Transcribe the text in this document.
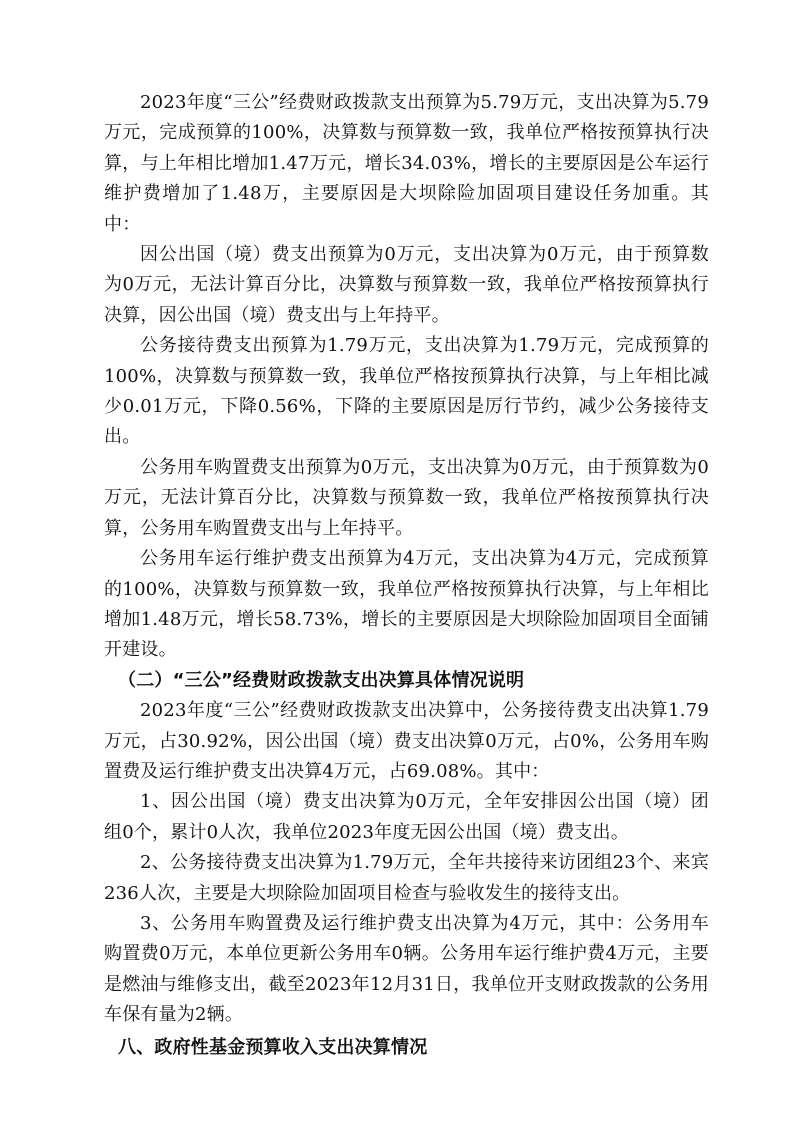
2023年度“三公”经费财政拨款支出预算为5.79万元，支出决算为5.79万元，完成预算的100%，决算数与预算数一致，我单位严格按预算执行决算，与上年相比增加1.47万元，增长34.03%，增长的主要原因是公车运行维护费增加了1.48万，主要原因是大坝除险加固项目建设任务加重。其中：

因公出国（境）费支出预算为0万元，支出决算为0万元，由于预算数为0万元，无法计算百分比，决算数与预算数一致，我单位严格按预算执行决算，因公出国（境）费支出与上年持平。

公务接待费支出预算为1.79万元，支出决算为1.79万元，完成预算的100%，决算数与预算数一致，我单位严格按预算执行决算，与上年相比减少0.01万元，下降0.56%，下降的主要原因是厉行节约，减少公务接待支出。

公务用车购置费支出预算为0万元，支出决算为0万元，由于预算数为0万元，无法计算百分比，决算数与预算数一致，我单位严格按预算执行决算，公务用车购置费支出与上年持平。

公务用车运行维护费支出预算为4万元，支出决算为4万元，完成预算的100%，决算数与预算数一致，我单位严格按预算执行决算，与上年相比增加1.48万元，增长58.73%，增长的主要原因是大坝除险加固项目全面铺开建设。

（二）“三公”经费财政拨款支出决算具体情况说明

2023年度“三公”经费财政拨款支出决算中，公务接待费支出决算1.79万元，占30.92%，因公出国（境）费支出决算0万元，占0%，公务用车购置费及运行维护费支出决算4万元，占69.08%。其中：

1、因公出国（境）费支出决算为0万元，全年安排因公出国（境）团组0个，累计0人次，我单位2023年度无因公出国（境）费支出。

2、公务接待费支出决算为1.79万元，全年共接待来访团组23个、来宾236人次，主要是大坝除险加固项目检查与验收发生的接待支出。

3、公务用车购置费及运行维护费支出决算为4万元，其中：公务用车购置费0万元，本单位更新公务用车0辆。公务用车运行维护费4万元，主要是燃油与维修支出，截至2023年12月31日，我单位开支财政拨款的公务用车保有量为2辆。

八、政府性基金预算收入支出决算情况
